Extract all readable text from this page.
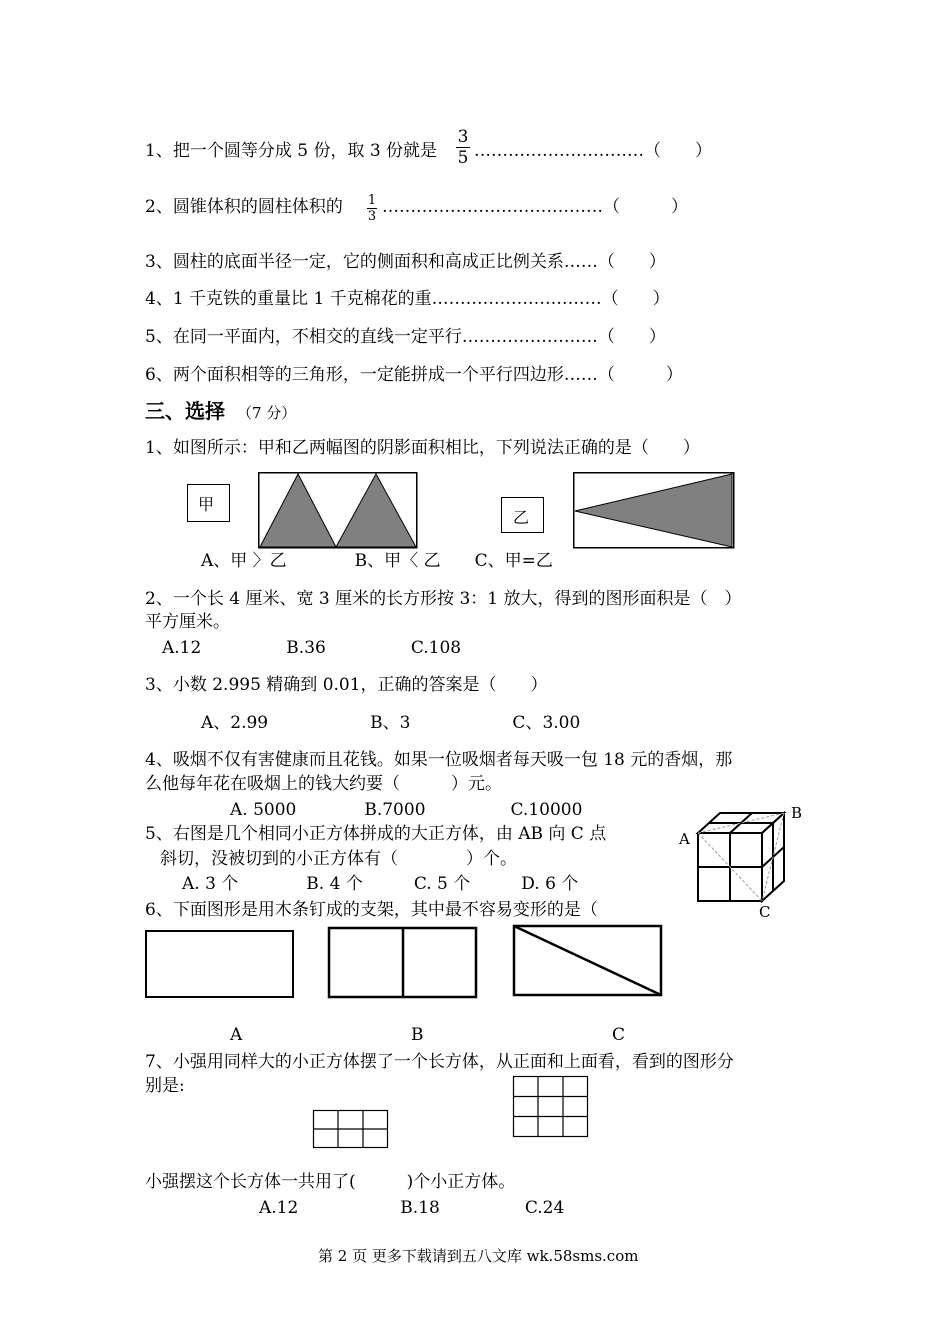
1、把一个圆等分成 5 份，取 3 份就是 $\frac{3}{5}$ …………………………（　　）
2、圆锥体积的圆柱体积的 $\frac{1}{3}$ …………………………………（　　　）
3、圆柱的底面半径一定，它的侧面积和高成正比例关系……（　　）
4、1 千克铁的重量比 1 千克棉花的重…………………………（　　）
5、在同一平面内，不相交的直线一定平行……………………（　　）
6、两个面积相等的三角形，一定能拼成一个平行四边形……（　　　）
三、选择 （7 分）
1、如图所示：甲和乙两幅图的阴影面积相比，下列说法正确的是（　　）
甲
乙
A、甲 〉乙　　　　B、甲〈 乙　　C、甲=乙
2、一个长 4 厘米、宽 3 厘米的长方形按 3：1 放大，得到的图形面积是（　）
平方厘米。
A.12　　　　　B.36　　　　　C.108
3、小数 2.995 精确到 0.01，正确的答案是（　　）
A、2.99　　　　　　B、3　　　　　　C、3.00
4、吸烟不仅有害健康而且花钱。如果一位吸烟者每天吸一包 18 元的香烟，那
么他每年花在吸烟上的钱大约要（　　　）元。
A. 5000　　　　B.7000　　　　　C.10000
5、右图是几个相同小正方体拼成的大正方体，由 AB 向 C 点
斜切，没被切到的小正方体有（　　　　）个。
A. 3 个　　　　B. 4 个　　　C. 5 个　　　D. 6 个
A
B
C
6、下面图形是用木条钉成的支架，其中最不容易变形的是（
A	B	C
7、小强用同样大的小正方体摆了一个长方体，从正面和上面看，看到的图形分
别是:
小强摆这个长方体一共用了(　　　)个小正方体。
A.12　　　　　　B.18　　　　　C.24
第 2 页 更多下载请到五八文库 wk.58sms.com
